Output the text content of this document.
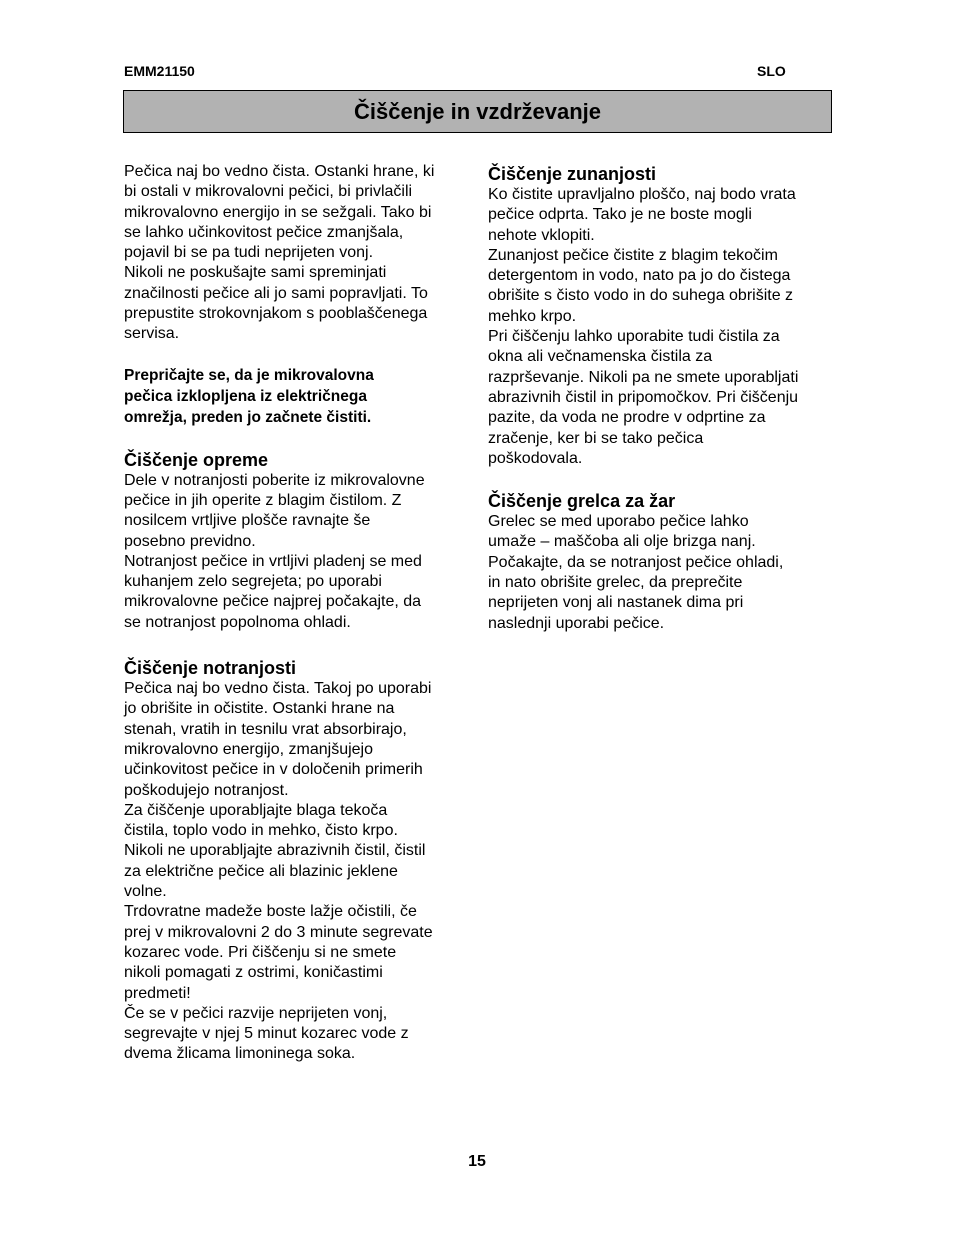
EMM21150	SLO
Čiščenje in vzdrževanje

Pečica naj bo vedno čista. Ostanki hrane, ki
bi ostali v mikrovalovni pečici, bi privlačili
mikrovalovno energijo in se sežgali. Tako bi
se lahko učinkovitost pečice zmanjšala,
pojavil bi se pa tudi neprijeten vonj.
Nikoli ne poskušajte sami spreminjati
značilnosti pečice ali jo sami popravljati. To
prepustite strokovnjakom s pooblaščenega
servisa.

Prepričajte se, da je mikrovalovna
pečica izklopljena iz električnega
omrežja, preden jo začnete čistiti.

Čiščenje opreme

Dele v notranjosti poberite iz mikrovalovne
pečice in jih operite z blagim čistilom. Z
nosilcem vrtljive plošče ravnajte še
posebno previdno.
Notranjost pečice in vrtljivi pladenj se med
kuhanjem zelo segrejeta; po uporabi
mikrovalovne pečice najprej počakajte, da
se notranjost popolnoma ohladi.

Čiščenje notranjosti

Pečica naj bo vedno čista. Takoj po uporabi
jo obrišite in očistite. Ostanki hrane na
stenah, vratih in tesnilu vrat absorbirajo,
mikrovalovno energijo, zmanjšujejo
učinkovitost pečice in v določenih primerih
poškodujejo notranjost.
Za čiščenje uporabljajte blaga tekoča
čistila, toplo vodo in mehko, čisto krpo.
Nikoli ne uporabljajte abrazivnih čistil, čistil
za električne pečice ali blazinic jeklene
volne.
Trdovratne madeže boste lažje očistili, če
prej v mikrovalovni 2 do 3 minute segrevate
kozarec vode. Pri čiščenju si ne smete
nikoli pomagati z ostrimi, koničastimi
predmeti!
Če se v pečici razvije neprijeten vonj,
segrevajte v njej 5 minut kozarec vode z
dvema žlicama limoninega soka.

Čiščenje zunanjosti

Ko čistite upravljalno ploščo, naj bodo vrata
pečice odprta. Tako je ne boste mogli
nehote vklopiti.
Zunanjost pečice čistite z blagim tekočim
detergentom in vodo, nato pa jo do čistega
obrišite s čisto vodo in do suhega obrišite z
mehko krpo.
Pri čiščenju lahko uporabite tudi čistila za
okna ali večnamenska čistila za
razprševanje. Nikoli pa ne smete uporabljati
abrazivnih čistil in pripomočkov. Pri čiščenju
pazite, da voda ne prodre v odprtine za
zračenje, ker bi se tako pečica
poškodovala.

Čiščenje grelca za žar

Grelec se med uporabo pečice lahko
umaže – maščoba ali olje brizga nanj.
Počakajte, da se notranjost pečice ohladi,
in nato obrišite grelec, da preprečite
neprijeten vonj ali nastanek dima pri
naslednji uporabi pečice.

15
